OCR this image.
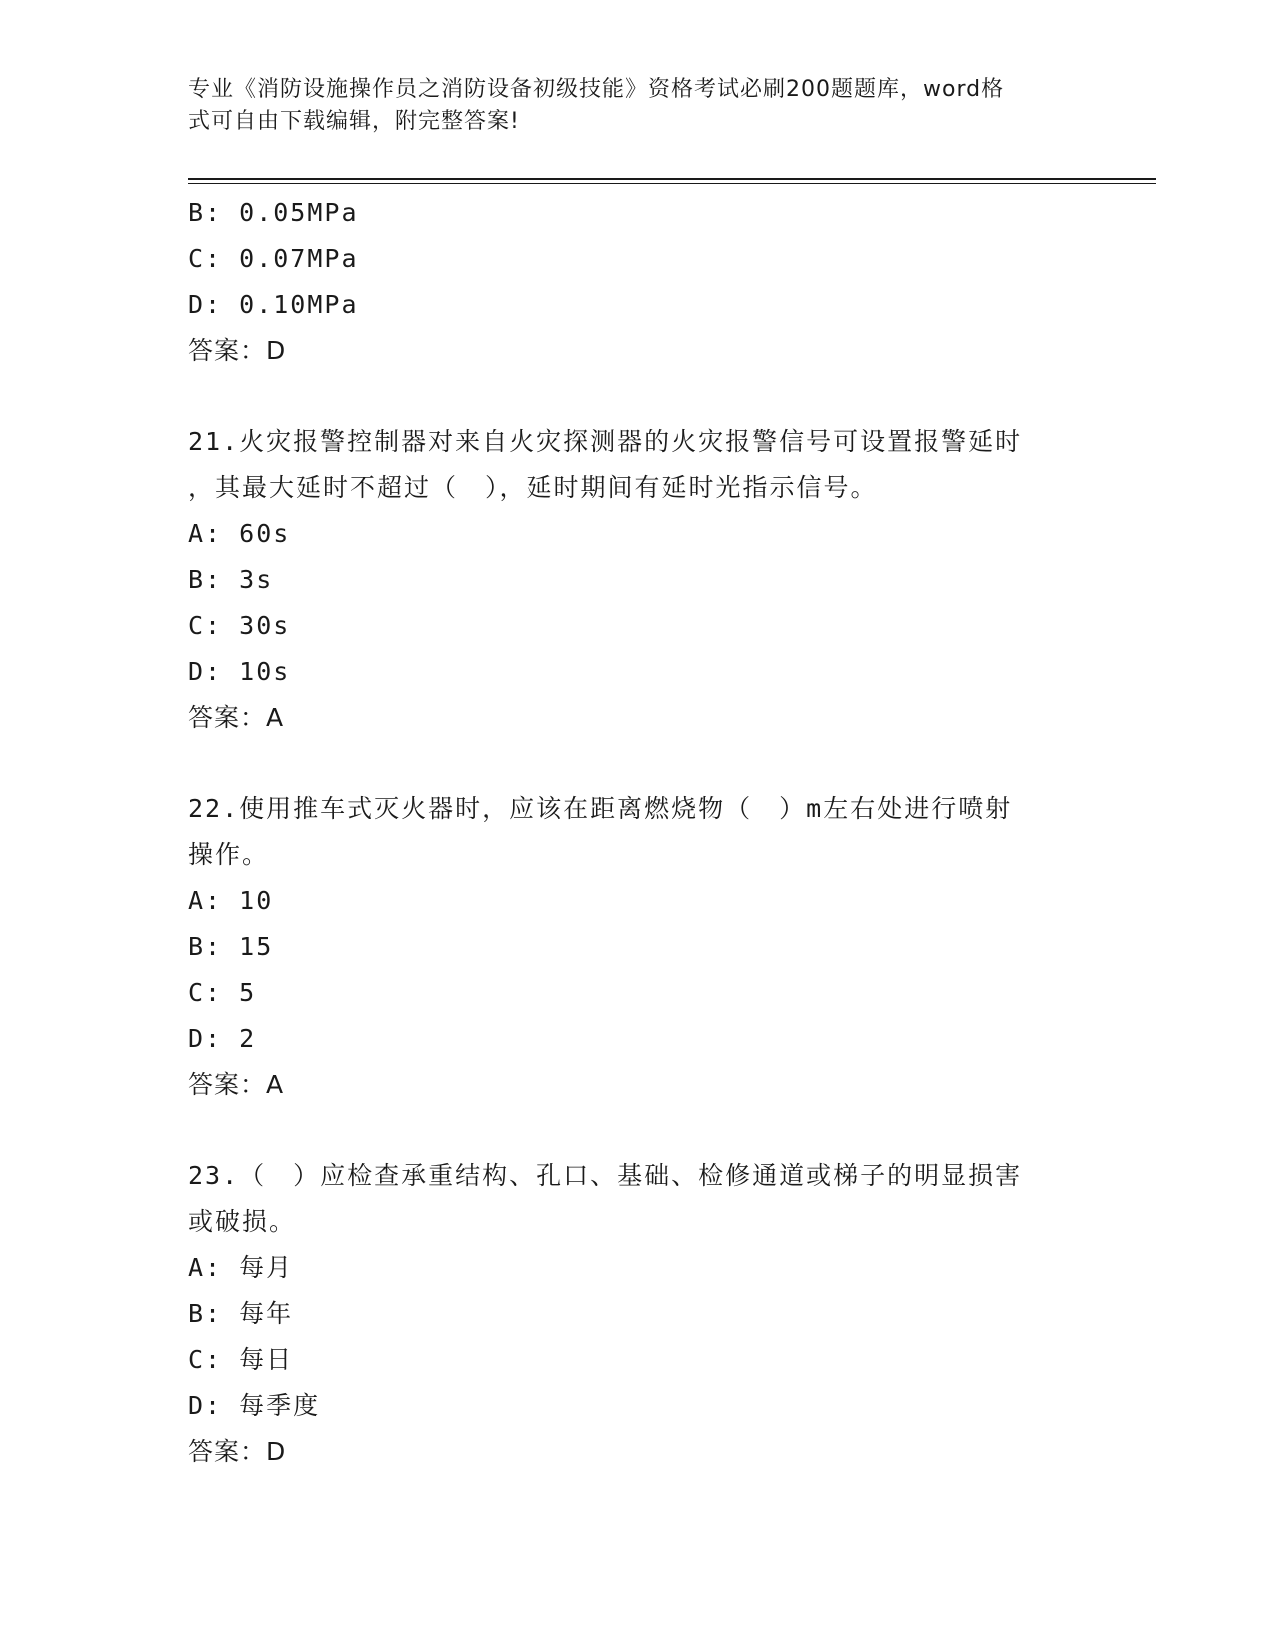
专业《消防设施操作员之消防设备初级技能》资格考试必刷200题题库，word格
式可自由下载编辑，附完整答案!
B: 0.05MPa
C: 0.07MPa
D: 0.10MPa
答案：D
21.火灾报警控制器对来自火灾探测器的火灾报警信号可设置报警延时
，其最大延时不超过（　），延时期间有延时光指示信号。
A: 60s
B: 3s
C: 30s
D: 10s
答案：A
22.使用推车式灭火器时，应该在距离燃烧物（　）m左右处进行喷射
操作。
A: 10
B: 15
C: 5
D: 2
答案：A
23.（　）应检查承重结构、孔口、基础、检修通道或梯子的明显损害
或破损。
A: 每月
B: 每年
C: 每日
D: 每季度
答案：D
